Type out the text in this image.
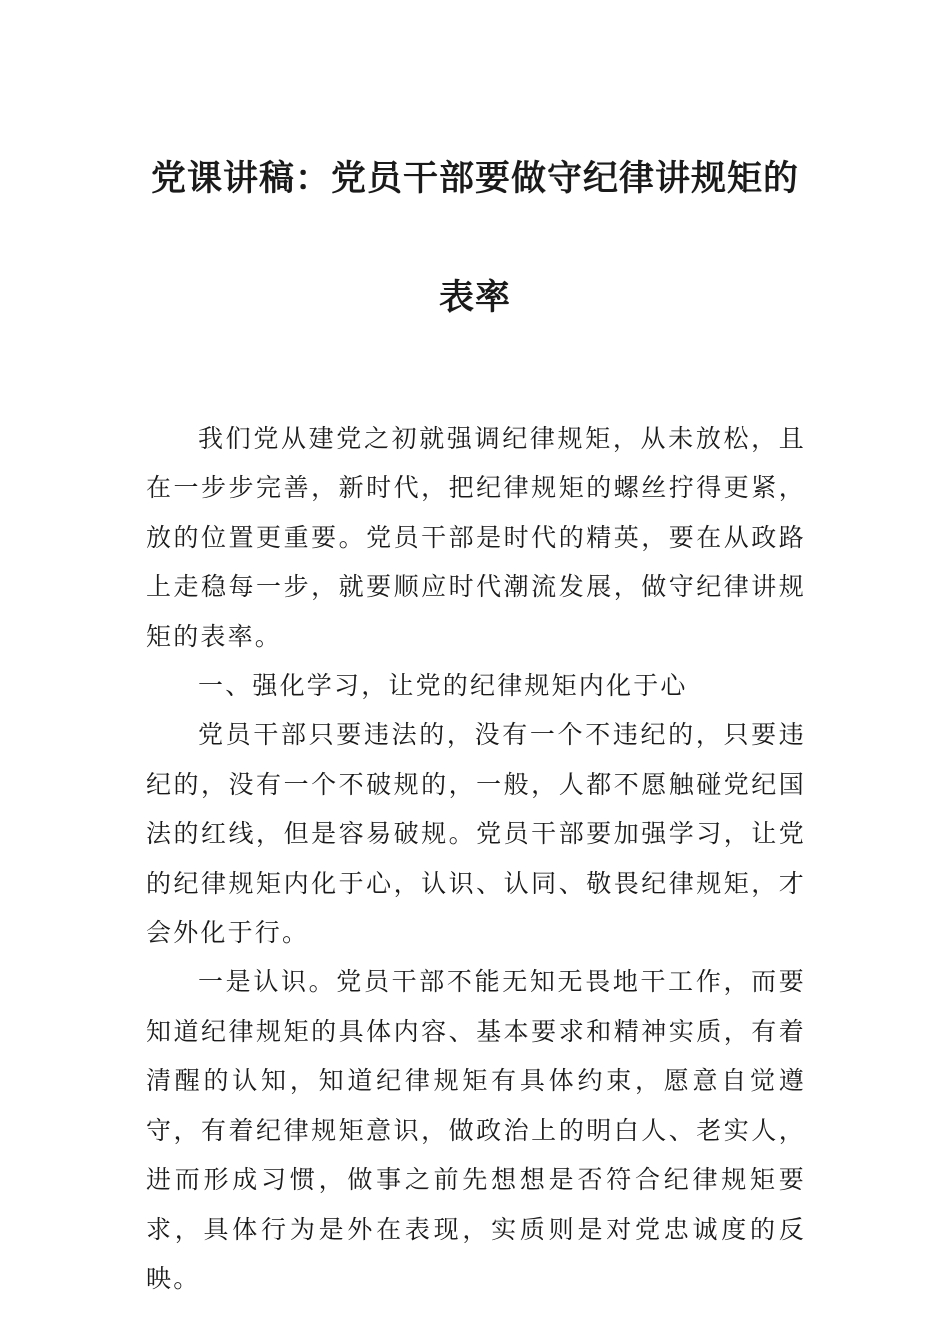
党课讲稿：党员干部要做守纪律讲规矩的
表率

我们党从建党之初就强调纪律规矩，从未放松，且在一步步完善，新时代，把纪律规矩的螺丝拧得更紧，放的位置更重要。党员干部是时代的精英，要在从政路上走稳每一步，就要顺应时代潮流发展，做守纪律讲规矩的表率。

一、强化学习，让党的纪律规矩内化于心

党员干部只要违法的，没有一个不违纪的，只要违纪的，没有一个不破规的，一般，人都不愿触碰党纪国法的红线，但是容易破规。党员干部要加强学习，让党的纪律规矩内化于心，认识、认同、敬畏纪律规矩，才会外化于行。

一是认识。党员干部不能无知无畏地干工作，而要知道纪律规矩的具体内容、基本要求和精神实质，有着清醒的认知，知道纪律规矩有具体约束，愿意自觉遵守，有着纪律规矩意识，做政治上的明白人、老实人，进而形成习惯，做事之前先想想是否符合纪律规矩要求，具体行为是外在表现，实质则是对党忠诚度的反映。
